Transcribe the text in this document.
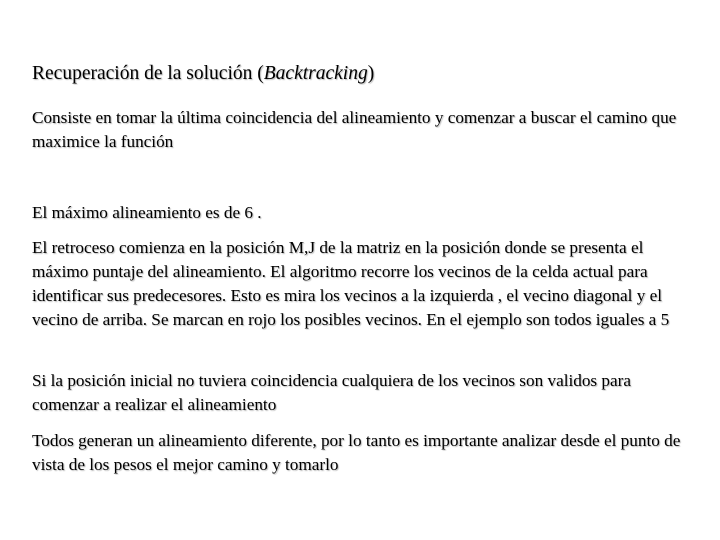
Recuperación de la solución (Backtracking)

Consiste en tomar la última coincidencia del alineamiento y comenzar a buscar el camino que maximice la función

El máximo alineamiento es de 6 .

El retroceso comienza en la posición M,J de la matriz en la posición donde se presenta el máximo puntaje del alineamiento. El algoritmo recorre los vecinos de la celda actual para identificar sus predecesores. Esto es mira los vecinos a la izquierda , el vecino diagonal y el vecino de arriba. Se marcan en rojo los posibles vecinos. En el ejemplo son todos iguales a 5

Si la posición inicial no tuviera coincidencia cualquiera de los vecinos son validos para comenzar a realizar el alineamiento

Todos generan un alineamiento diferente, por lo tanto es importante analizar desde el punto de vista de los pesos el mejor camino y tomarlo
